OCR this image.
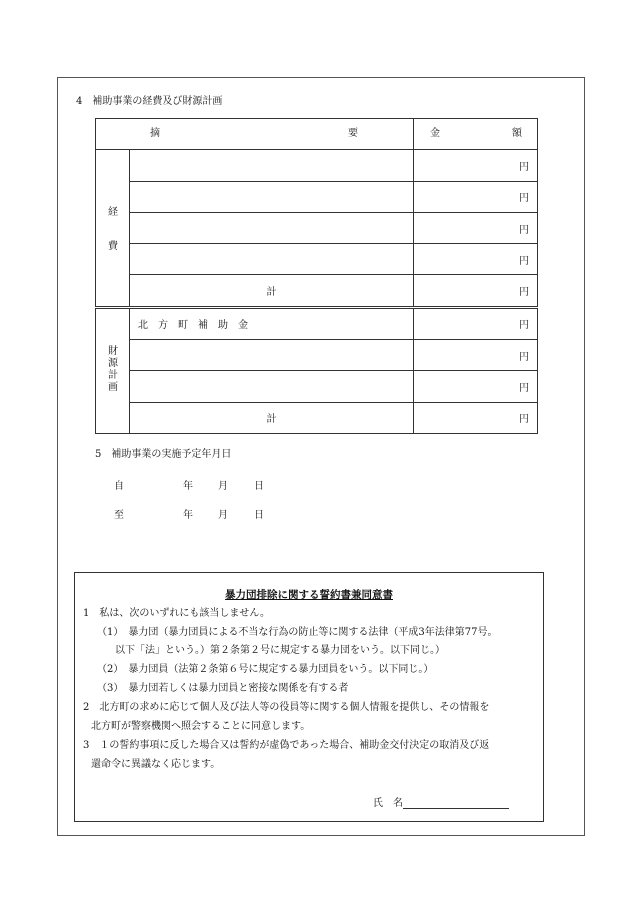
4　補助事業の経費及び財源計画
摘 要		金 額

経
費		円
		円
		円
		円
	計	円

財
源
計
画	北　方　町　補　助　金	円
		円
		円
	計	円
5　補助事業の実施予定年月日
自	年	月	日
至	年	月	日
暴力団排除に関する誓約書兼同意書
1　私は、次のいずれにも該当しません。
（1）　暴力団（暴力団員による不当な行為の防止等に関する法律（平成3年法律第77号。
以下「法」という。）第２条第２号に規定する暴力団をいう。以下同じ。）
（2）　暴力団員（法第２条第６号に規定する暴力団員をいう。以下同じ。）
（3）　暴力団若しくは暴力団員と密接な関係を有する者
2　北方町の求めに応じて個人及び法人等の役員等に関する個人情報を提供し、その情報を
北方町が警察機関へ照会することに同意します。
3　１の誓約事項に反した場合又は誓約が虚偽であった場合、補助金交付決定の取消及び返
還命令に異議なく応じます。
氏　名
